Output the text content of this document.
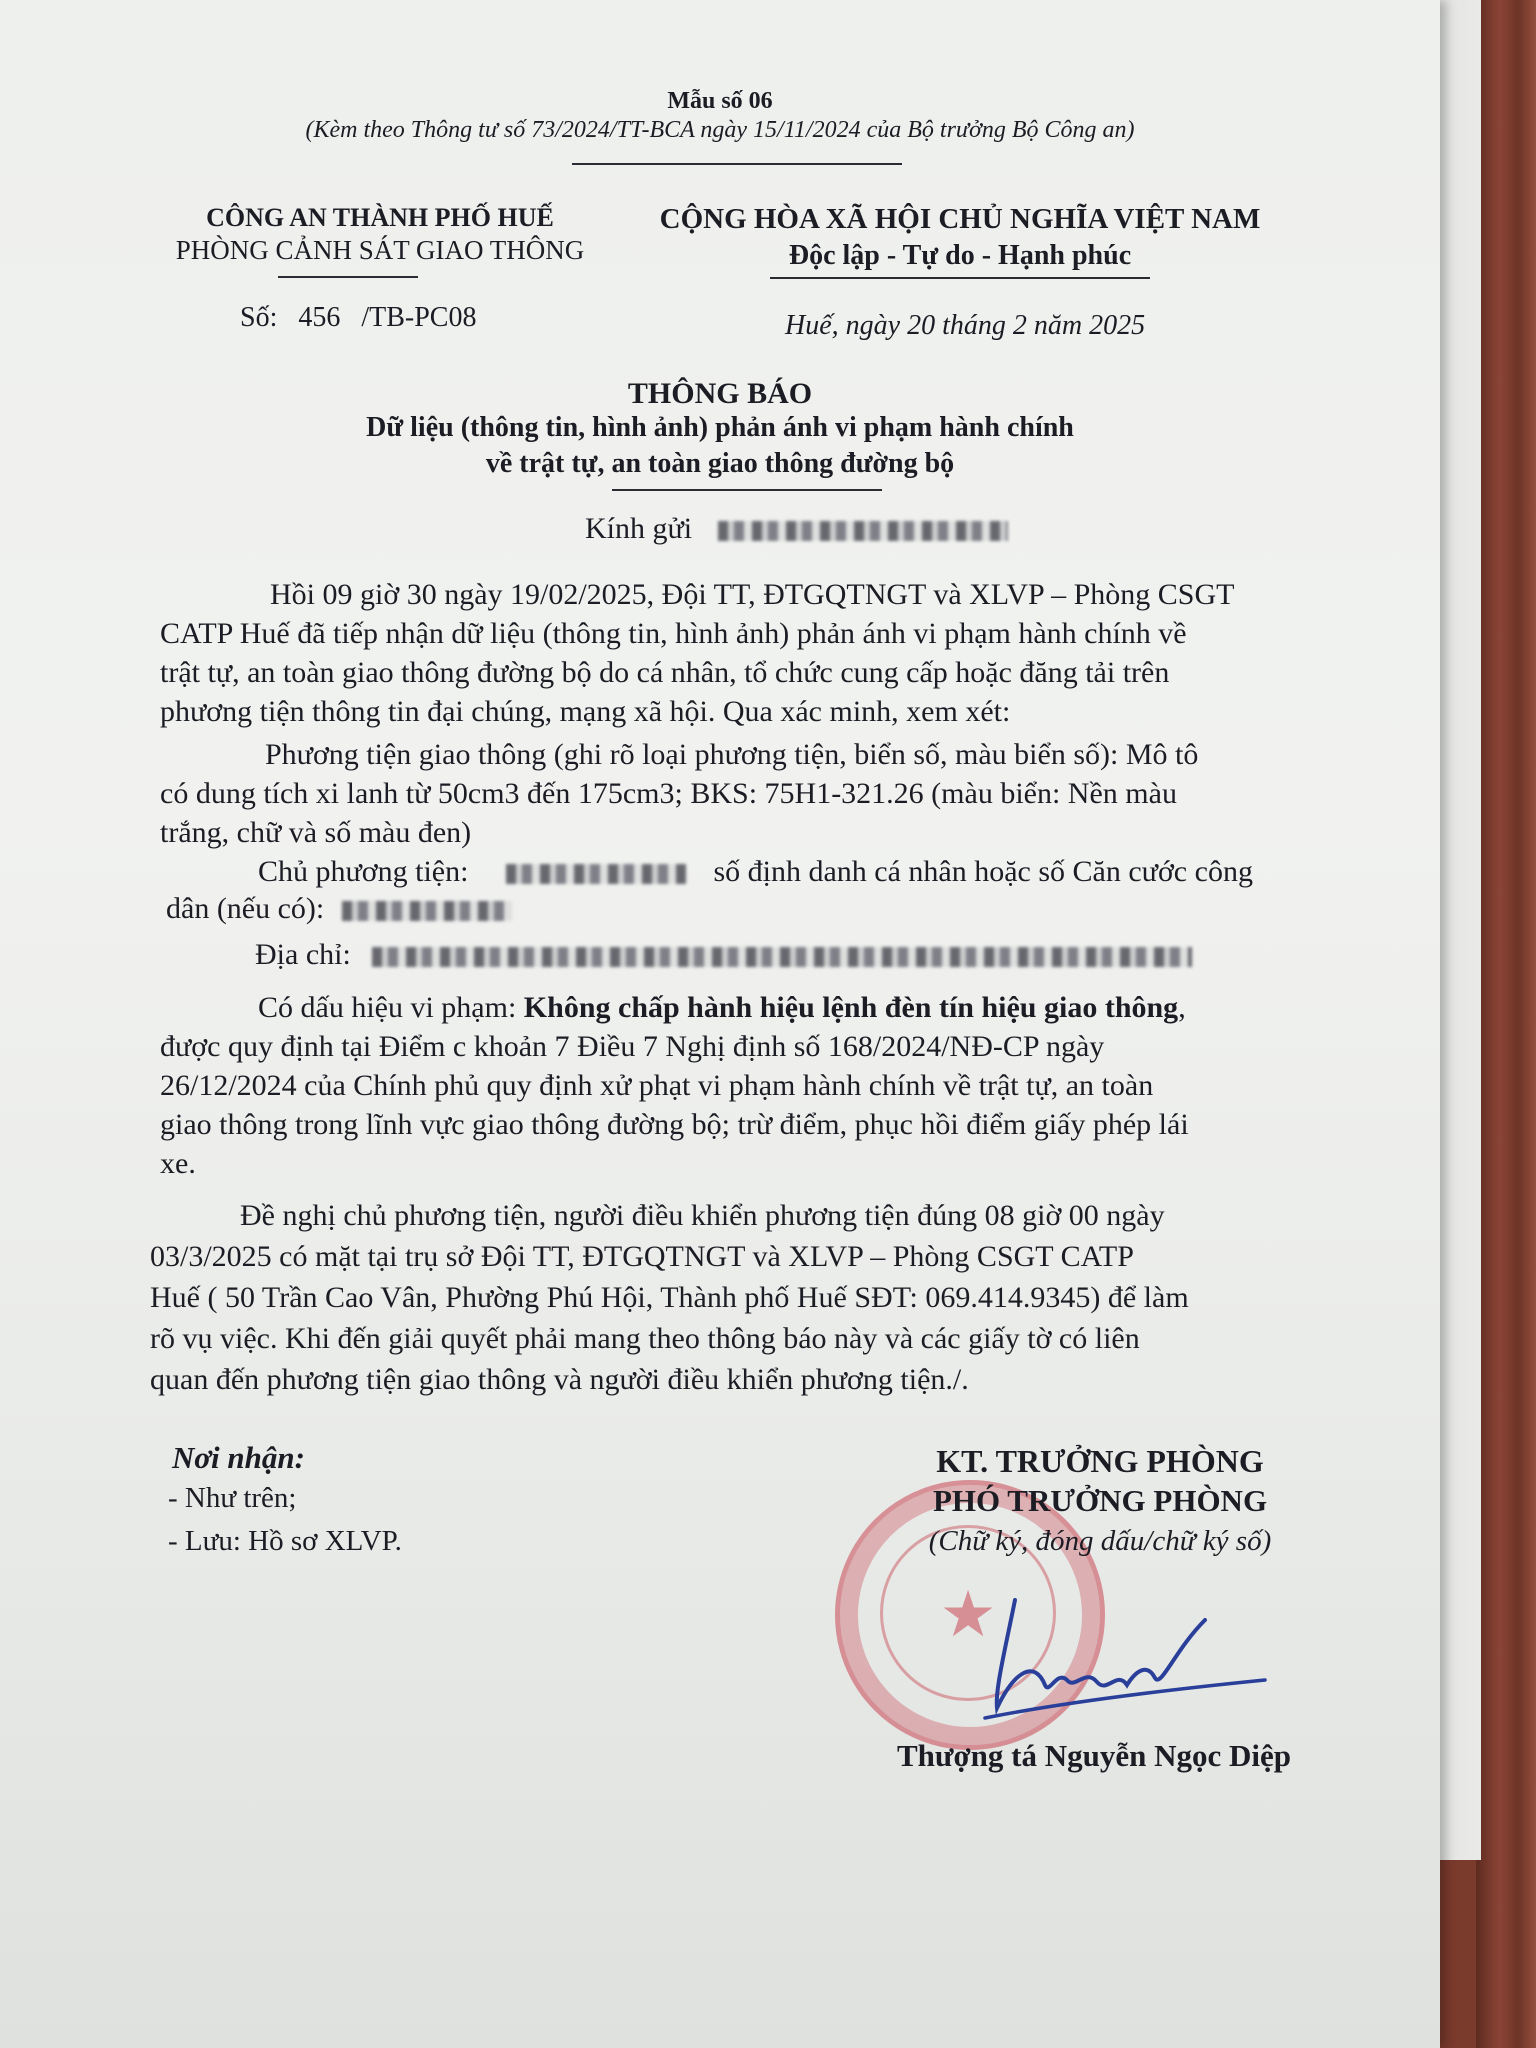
Mẫu số 06
(Kèm theo Thông tư số 73/2024/TT-BCA ngày 15/11/2024 của Bộ trưởng Bộ Công an)
CÔNG AN THÀNH PHỐ HUẾ
PHÒNG CẢNH SÁT GIAO THÔNG
Số:   456   /TB-PC08
CỘNG HÒA XÃ HỘI CHỦ NGHĨA VIỆT NAM
Độc lập - Tự do - Hạnh phúc
Huế, ngày 20 tháng 2 năm 2025
THÔNG BÁO
Dữ liệu (thông tin, hình ảnh) phản ánh vi phạm hành chính
về trật tự, an toàn giao thông đường bộ
Kính gửi
Hồi 09 giờ 30 ngày 19/02/2025, Đội TT, ĐTGQTNGT và XLVP – Phòng CSGT
CATP Huế đã tiếp nhận dữ liệu (thông tin, hình ảnh) phản ánh vi phạm hành chính về
trật tự, an toàn giao thông đường bộ do cá nhân, tổ chức cung cấp hoặc đăng tải trên
phương tiện thông tin đại chúng, mạng xã hội. Qua xác minh, xem xét:
Phương tiện giao thông (ghi rõ loại phương tiện, biển số, màu biển số): Mô tô
có dung tích xi lanh từ 50cm3 đến 175cm3; BKS: 75H1-321.26 (màu biển: Nền màu
trắng, chữ và số màu đen)
Chủ phương tiện:	số định danh cá nhân hoặc số Căn cước công
dân (nếu có):
Địa chỉ:
Có dấu hiệu vi phạm: Không chấp hành hiệu lệnh đèn tín hiệu giao thông,
được quy định tại Điểm c khoản 7 Điều 7 Nghị định số 168/2024/NĐ-CP ngày
26/12/2024 của Chính phủ quy định xử phạt vi phạm hành chính về trật tự, an toàn
giao thông trong lĩnh vực giao thông đường bộ; trừ điểm, phục hồi điểm giấy phép lái
xe.
Đề nghị chủ phương tiện, người điều khiển phương tiện đúng 08 giờ 00 ngày
03/3/2025 có mặt tại trụ sở Đội TT, ĐTGQTNGT và XLVP – Phòng CSGT CATP
Huế ( 50 Trần Cao Vân, Phường Phú Hội, Thành phố Huế SĐT: 069.414.9345) để làm
rõ vụ việc. Khi đến giải quyết phải mang theo thông báo này và các giấy tờ có liên
quan đến phương tiện giao thông và người điều khiển phương tiện./.
Nơi nhận:
- Như trên;
- Lưu: Hồ sơ XLVP.
★
KT. TRƯỞNG PHÒNG
PHÓ TRƯỞNG PHÒNG
(Chữ ký, đóng dấu/chữ ký số)
Thượng tá Nguyễn Ngọc Diệp
